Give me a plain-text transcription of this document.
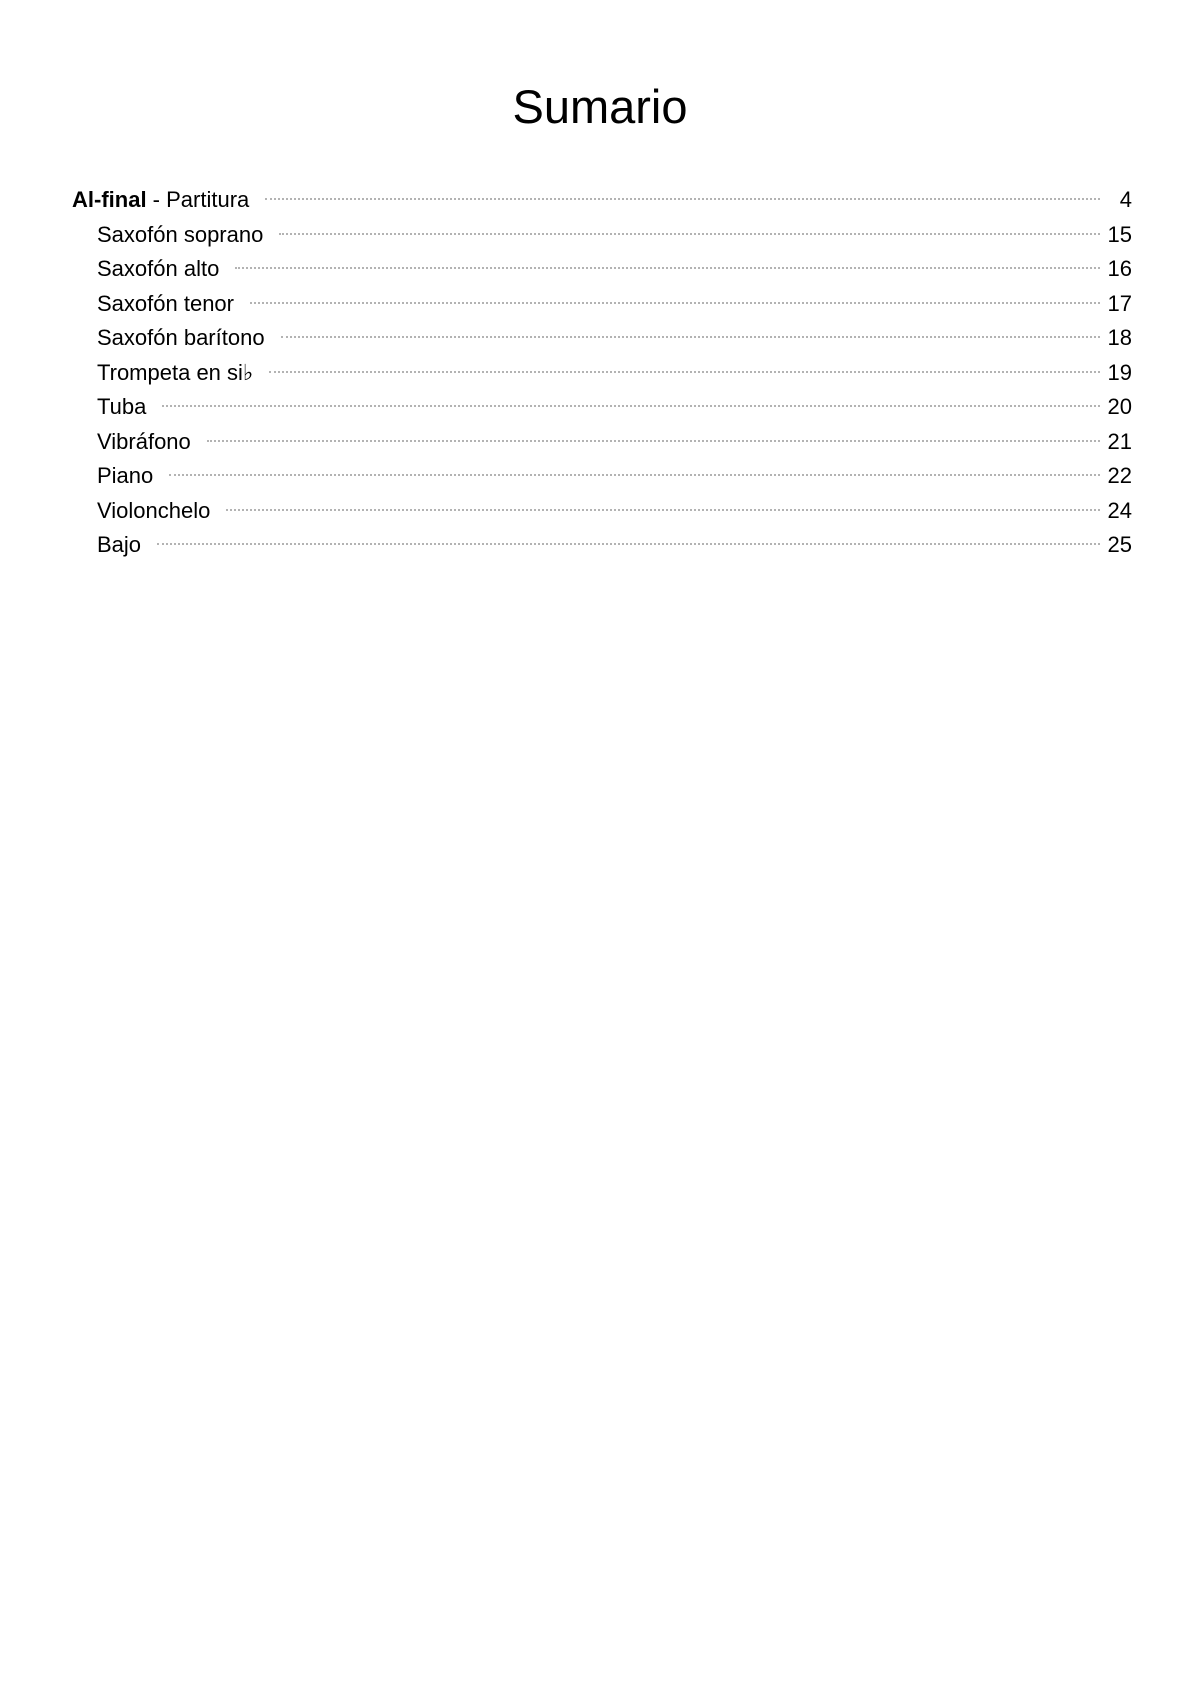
Sumario
Al-final - Partitura	4
Saxofón soprano	15
Saxofón alto	16
Saxofón tenor	17
Saxofón barítono	18
Trompeta en si♭	19
Tuba	20
Vibráfono	21
Piano	22
Violonchelo	24
Bajo	25
